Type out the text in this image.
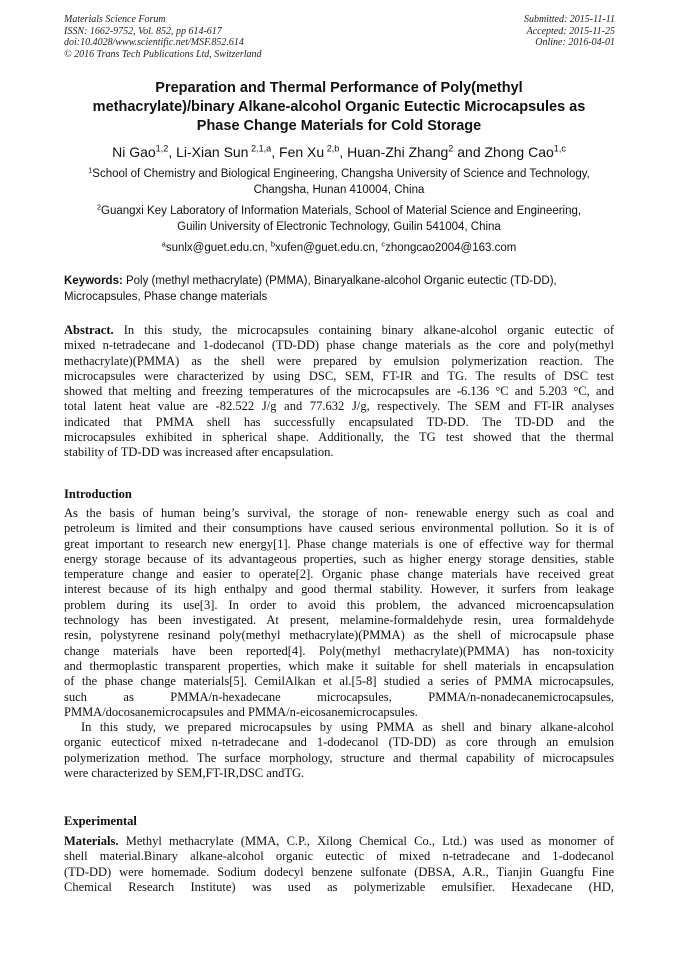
Materials Science Forum
ISSN: 1662-9752, Vol. 852, pp 614-617
doi:10.4028/www.scientific.net/MSF.852.614
© 2016 Trans Tech Publications Ltd, Switzerland
Submitted: 2015-11-11
Accepted: 2015-11-25
Online: 2016-04-01
Preparation and Thermal Performance of Poly(methyl
methacrylate)/binary Alkane-alcohol Organic Eutectic Microcapsules as
Phase Change Materials for Cold Storage
Ni Gao$^{1,2}$, Li-Xian Sun $^{2,1,a}$, Fen Xu $^{2,b}$, Huan-Zhi Zhang$^2$ and Zhong Cao$^{1,c}$
$^1$School of Chemistry and Biological Engineering, Changsha University of Science and Technology,
Changsha, Hunan 410004, China
$^2$Guangxi Key Laboratory of Information Materials, School of Material Science and Engineering,
Guilin University of Electronic Technology, Guilin 541004, China
$^a$sunlx@guet.edu.cn, $^b$xufen@guet.edu.cn, $^c$zhongcao2004@163.com
Keywords: Poly (methyl methacrylate) (PMMA), Binaryalkane-alcohol Organic eutectic (TD-DD),
Microcapsules, Phase change materials
Abstract. In this study, the microcapsules containing binary alkane-alcohol organic eutectic of
mixed n-tetradecane and 1-dodecanol (TD-DD) phase change materials as the core and poly(methyl
methacrylate)(PMMA) as the shell were prepared by emulsion polymerization reaction. The
microcapsules were characterized by using DSC, SEM, FT-IR and TG. The results of DSC test
showed that melting and freezing temperatures of the microcapsules are -6.136 °C and 5.203 °C, and
total latent heat value are -82.522 J/g and 77.632 J/g, respectively. The SEM and FT-IR analyses
indicated that PMMA shell has successfully encapsulated TD-DD. The TD-DD and the
microcapsules exhibited in spherical shape. Additionally, the TG test showed that the thermal
stability of TD-DD was increased after encapsulation.
Introduction
As the basis of human being’s survival, the storage of non- renewable energy such as coal and
petroleum is limited and their consumptions have caused serious environmental pollution. So it is of
great important to research new energy[1]. Phase change materials is one of effective way for thermal
energy storage because of its advantageous properties, such as higher energy storage densities, stable
temperature change and easier to operate[2]. Organic phase change materials have received great
interest because of its high enthalpy and good thermal stability. However, it surfers from leakage
problem during its use[3]. In order to avoid this problem, the advanced microencapsulation
technology has been investigated. At present, melamine-formaldehyde resin, urea formaldehyde
resin, polystyrene resinand poly(methyl methacrylate)(PMMA) as the shell of microcapsule phase
change materials have been reported[4]. Poly(methyl methacrylate)(PMMA) has non-toxicity
and thermoplastic transparent properties, which make it suitable for shell materials in encapsulation
of the phase change materials[5]. CemilAlkan et al.[5-8] studied a series of PMMA microcapsules,
such as PMMA/n-hexadecane microcapsules, PMMA/n-nonadecanemicrocapsules,
PMMA/docosanemicrocapsules and PMMA/n-eicosanemicrocapsules.
In this study, we prepared microcapsules by using PMMA as shell and binary alkane-alcohol
organic eutecticof mixed n-tetradecane and 1-dodecanol (TD-DD) as core through an emulsion
polymerization method. The surface morphology, structure and thermal capability of microcapsules
were characterized by SEM,FT-IR,DSC andTG.
Experimental
Materials. Methyl methacrylate (MMA, C.P., Xilong Chemical Co., Ltd.) was used as monomer of
shell material.Binary alkane-alcohol organic eutectic of mixed n-tetradecane and 1-dodecanol
(TD-DD) were homemade. Sodium dodecyl benzene sulfonate (DBSA, A.R., Tianjin Guangfu Fine
Chemical Research Institute) was used as polymerizable emulsifier. Hexadecane (HD,
